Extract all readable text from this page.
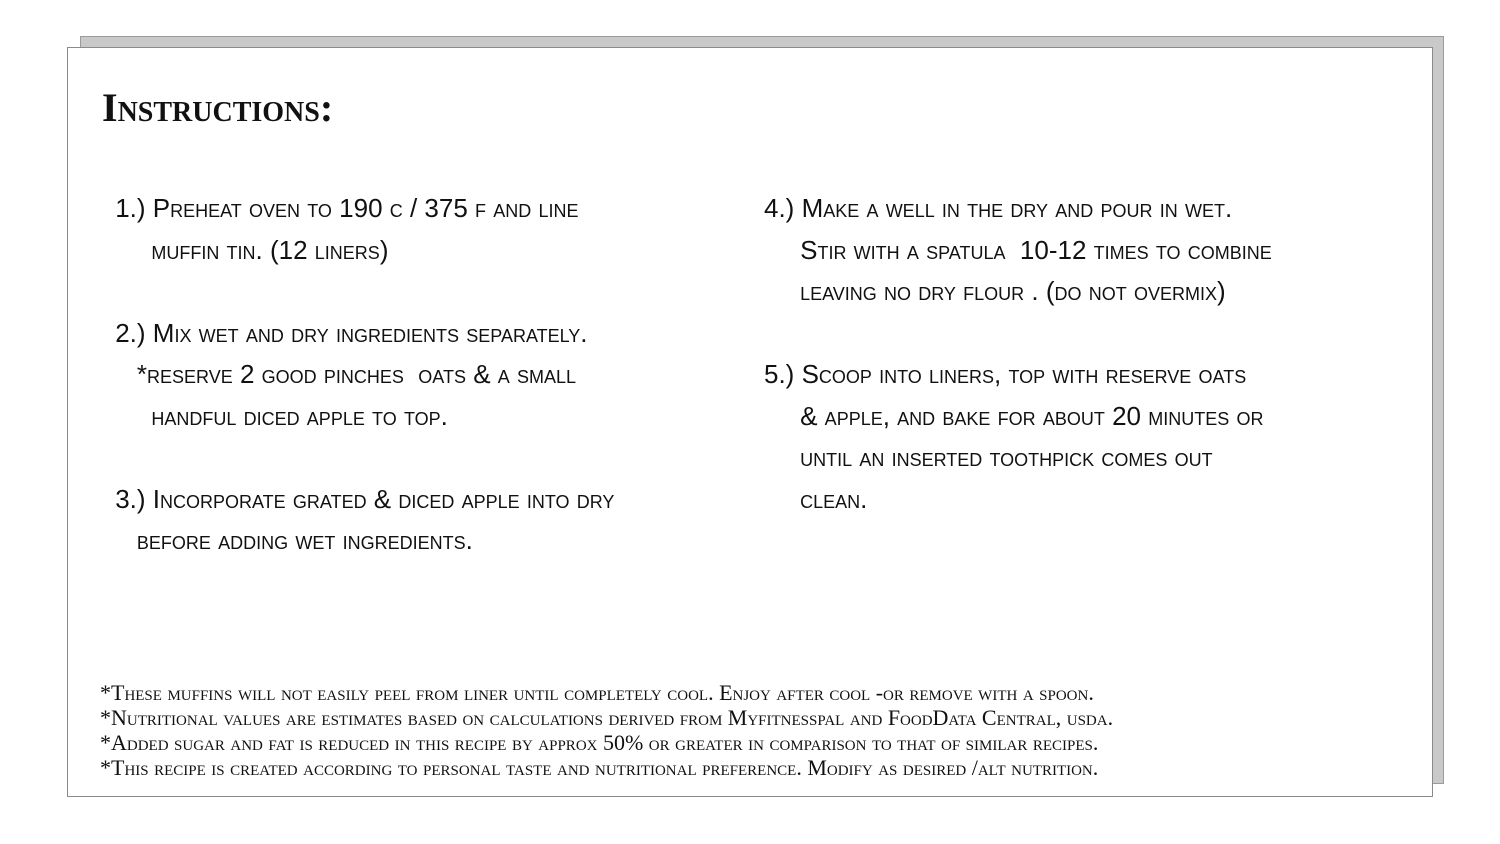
Instructions:
1.) Preheat oven to 190 c / 375 f and line
muffin tin. (12 liners)
2.) Mix wet and dry ingredients separately.
*reserve 2 good pinches  oats & a small
handful diced apple to top.
3.) Incorporate grated & diced apple into dry
before adding wet ingredients.
4.) Make a well in the dry and pour in wet.
Stir with a spatula  10-12 times to combine
leaving no dry flour . (do not overmix)
5.) Scoop into liners, top with reserve oats
& apple, and bake for about 20 minutes or
until an inserted toothpick comes out
clean.
*These muffins will not easily peel from liner until completely cool. Enjoy after cool -or remove with a spoon.
*Nutritional values are estimates based on calculations derived from Myfitnesspal and FoodData Central, usda.
*Added sugar and fat is reduced in this recipe by approx 50% or greater in comparison to that of similar recipes.
*This recipe is created according to personal taste and nutritional preference. Modify as desired /alt nutrition.
